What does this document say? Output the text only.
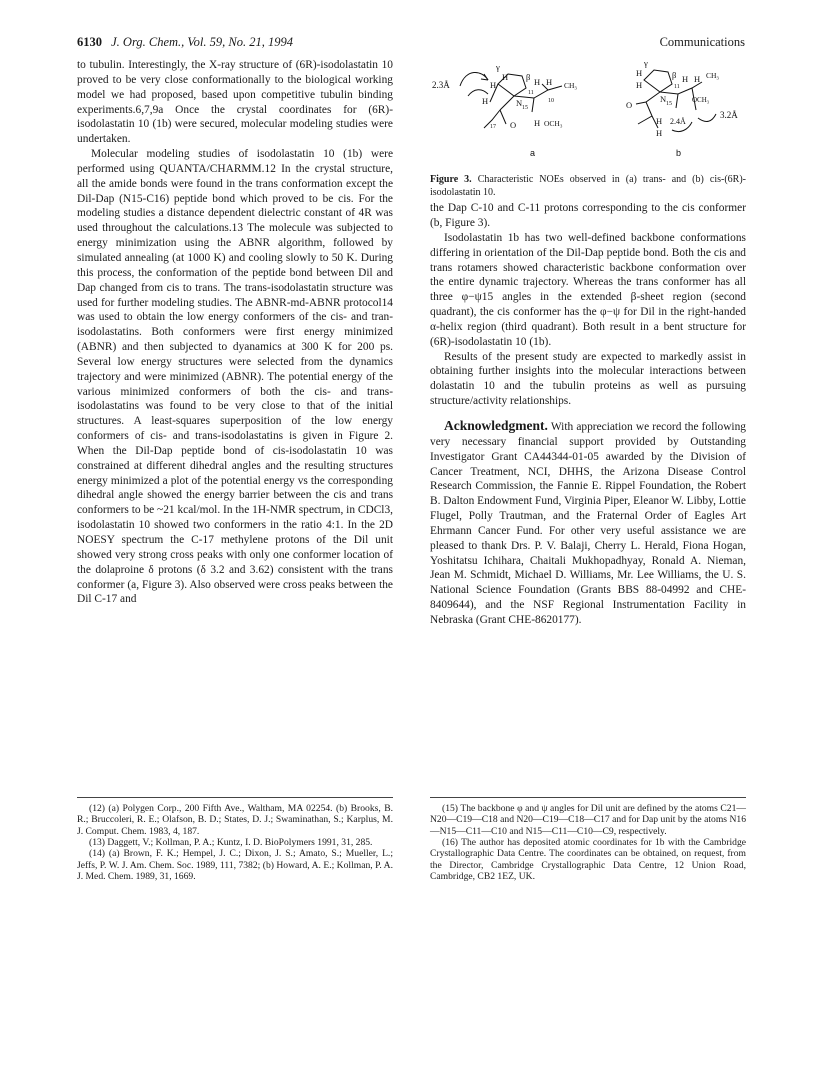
6130 J. Org. Chem., Vol. 59, No. 21, 1994	Communications

to tubulin. Interestingly, the X-ray structure of (6R)-isodolastatin 10 proved to be very close conformationally to the biological working model we had proposed, based upon competitive tubulin binding experiments.6,7,9a Once the crystal coordinates for (6R)-isodolastatin 10 (1b) were secured, molecular modeling studies were undertaken.

Molecular modeling studies of isodolastatin 10 (1b) were performed using QUANTA/CHARMM.12 In the crystal structure, all the amide bonds were found in the trans conformation except the Dil-Dap (N15-C16) peptide bond which proved to be cis. For the modeling studies a distance dependent dielectric constant of 4R was used throughout the calculations.13 The molecule was subjected to energy minimization using the ABNR algorithm, followed by simulated annealing (at 1000 K) and cooling slowly to 50 K. During this process, the conformation of the peptide bond between Dil and Dap changed from cis to trans. The trans-isodolastatin structure was used for further modeling studies. The ABNR-md-ABNR protocol14 was used to obtain the low energy conformers of the cis- and tran-isodolastatins. Both conformers were first energy minimized (ABNR) and then subjected to dyanamics at 300 K for 200 ps. Several low energy structures were selected from the dynamics trajectory and were minimized (ABNR). The potential energy of the various minimized conformers of both the cis- and trans-isodolastatins was found to be very close to that of the initial structures. A least-squares superposition of the low energy conformers of cis- and trans-isodolastatins is given in Figure 2. When the Dil-Dap peptide bond of cis-isodolastatin 10 was constrained at different dihedral angles and the resulting structures energy minimized a plot of the potential energy vs the corresponding dihedral angle showed the energy barrier between the cis and trans conformers to be ~21 kcal/mol. In the 1H-NMR spectrum, in CDCl3, isodolastatin 10 showed two conformers in the ratio 4:1. In the 2D NOESY spectrum the C-17 methylene protons of the Dil unit showed very strong cross peaks with only one conformer location of the dolaproine δ protons (δ 3.2 and 3.62) consistent with the trans conformer (a, Figure 3). Also observed were cross peaks between the Dil C-17 and

γ
β
H
H
H	N 15
11
H H
10
CH₃
17 O H OCH₃
2.3Å
a
γ
β
H
H
N 15
11
H H CH₃
OCH₃
O
H
H
3.2Å
2.4Å
b

Figure 3. Characteristic NOEs observed in (a) trans- and (b) cis-(6R)-isodolastatin 10.

the Dap C-10 and C-11 protons corresponding to the cis conformer (b, Figure 3).

Isodolastatin 1b has two well-defined backbone conformations differing in orientation of the Dil-Dap peptide bond. Both the cis and trans rotamers showed characteristic backbone conformation over the entire dynamic trajectory. Whereas the trans conformer has all three φ−ψ15 angles in the extended β-sheet region (second quadrant), the cis conformer has the φ−ψ for Dil in the right-handed α-helix region (third quadrant). Both result in a bent structure for (6R)-isodolastatin 10 (1b).

Results of the present study are expected to markedly assist in obtaining further insights into the molecular interactions between dolastatin 10 and the tubulin proteins as well as pursuing structure/activity relationships.

Acknowledgment. With appreciation we record the following very necessary financial support provided by Outstanding Investigator Grant CA44344-01-05 awarded by the Division of Cancer Treatment, NCI, DHHS, the Arizona Disease Control Research Commission, the Fannie E. Rippel Foundation, the Robert B. Dalton Endowment Fund, Virginia Piper, Eleanor W. Libby, Lottie Flugel, Polly Trautman, and the Fraternal Order of Eagles Art Ehrmann Cancer Fund. For other very useful assistance we are pleased to thank Drs. P. V. Balaji, Cherry L. Herald, Fiona Hogan, Yoshitatsu Ichihara, Chaitali Mukhopadhyay, Ronald A. Nieman, Jean M. Schmidt, Michael D. Williams, Mr. Lee Williams, the U. S. National Science Foundation (Grants BBS 88-04992 and CHE-8409644), and the NSF Regional Instrumentation Facility in Nebraska (Grant CHE-8620177).

(12) (a) Polygen Corp., 200 Fifth Ave., Waltham, MA 02254. (b) Brooks, B. R.; Bruccoleri, R. E.; Olafson, B. D.; States, D. J.; Swaminathan, S.; Karplus, M. J. Comput. Chem. 1983, 4, 187.

(13) Daggett, V.; Kollman, P. A.; Kuntz, I. D. BioPolymers 1991, 31, 285.

(14) (a) Brown, F. K.; Hempel, J. C.; Dixon, J. S.; Amato, S.; Mueller, L.; Jeffs, P. W. J. Am. Chem. Soc. 1989, 111, 7382; (b) Howard, A. E.; Kollman, P. A. J. Med. Chem. 1989, 31, 1669.

(15) The backbone φ and ψ angles for Dil unit are defined by the atoms C21—N20—C19—C18 and N20—C19—C18—C17 and for Dap unit by the atoms N16—N15—C11—C10 and N15—C11—C10—C9, respectively.

(16) The author has deposited atomic coordinates for 1b with the Cambridge Crystallographic Data Centre. The coordinates can be obtained, on request, from the Director, Cambridge Crystallographic Data Centre, 12 Union Road, Cambridge, CB2 1EZ, UK.
